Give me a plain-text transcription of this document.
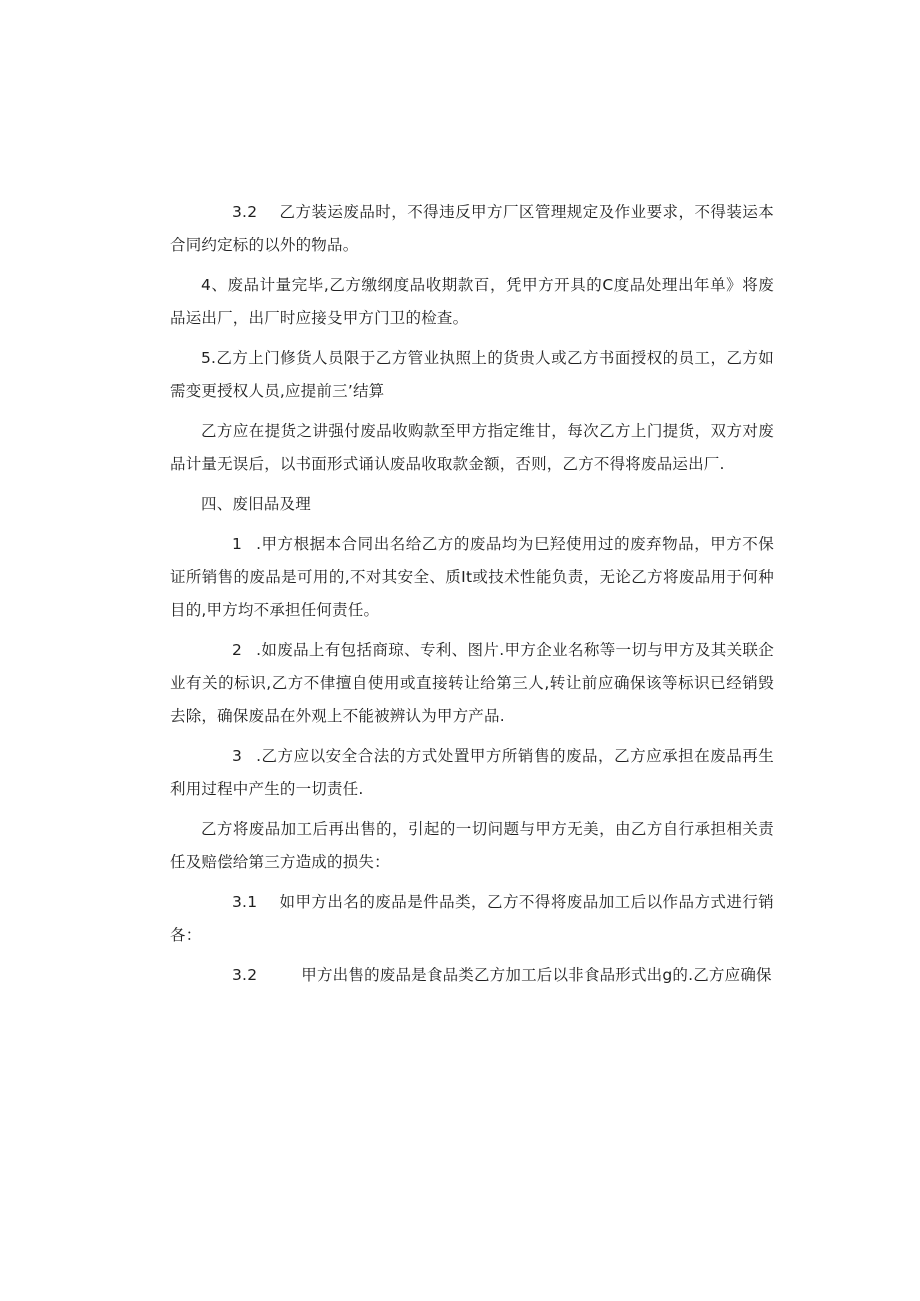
3.2 乙方装运废品时，不得违反甲方厂区管理规定及作业要求，不得装运本合同约定标的以外的物品。

4、废品计量完毕,乙方缴纲度品收期款百，凭甲方开具的C度品处理出年单》将废品运出厂，出厂时应接殳甲方门卫的检查。

5.乙方上门修货人员限于乙方管业执照上的货贵人或乙方书面授权的员工，乙方如需变更授权人员,应提前三’结算

乙方应在提货之讲强付废品收购款至甲方指定维甘，每次乙方上门提货，双方对废品计量无误后，以书面形式诵认废品收取款金额，否则，乙方不得将废品运出厂.

四、废旧品及理

1 .甲方根据本合同出名给乙方的废品均为巳羟使用过的废弃物品，甲方不保证所销售的废品是可用的,不对其安全、质It或技术性能负责，无论乙方将废品用于何种目的,甲方均不承担任何责任。

2 .如废品上有包括商琼、专利、图片.甲方企业名称等一切与甲方及其关联企业有关的标识,乙方不侓擅自使用或直接转让给第三人,转让前应确保该等标识已经销毁去除，确保废品在外观上不能被辨认为甲方产品.

3 .乙方应以安全合法的方式处置甲方所销售的废品，乙方应承担在废品再生利用过程中产生的一切责任.

乙方将废品加工后再出售的，引起的一切问题与甲方无美，由乙方自行承担相关责任及赔偿给第三方造成的损失：

3.1 如甲方出名的废品是件品类，乙方不得将废品加工后以作品方式进行销各：

3.2	甲方出售的废品是食品类乙方加工后以非食品形式出g的.乙方应确保
